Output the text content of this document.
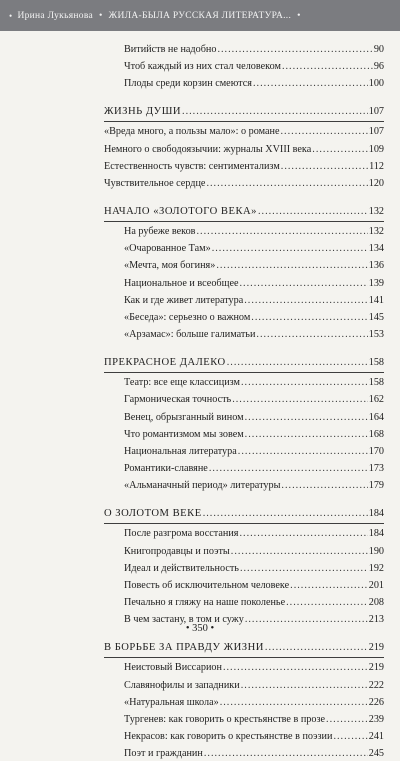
• Ирина Лукьянова • ЖИЛА-БЫЛА РУССКАЯ ЛИТЕРАТУРА... •
Витийств не надобно .....	90
Чтоб каждый из них стал человеком .....	96
Плоды среди корзин смеются .....	100
ЖИЗНЬ ДУШИ .....	107
«Вреда много, а пользы мало»: о романе .....	107
Немного о свободоязычии: журналы XVIII века .....	109
Естественность чувств: сентиментализм .....	112
Чувствительное сердце .....	120
НАЧАЛО «ЗОЛОТОГО ВЕКА» .....	132
На рубеже веков .....	132
«Очарованное Там» .....	134
«Мечта, моя богиня» .....	136
Национальное и всеобщее .....	139
Как и где живет литература .....	141
«Беседа»: серьезно о важном .....	145
«Арзамас»: больше галиматьи .....	153
ПРЕКРАСНОЕ ДАЛЕКО .....	158
Театр: все еще классицизм .....	158
Гармоническая точность .....	162
Венец, обрызганный вином .....	164
Что романтизмом мы зовем .....	168
Национальная литература .....	170
Романтики-славяне .....	173
«Альманачный период» литературы .....	179
О ЗОЛОТОМ ВЕКЕ .....	184
После разгрома восстания .....	184
Книгопродавцы и поэты .....	190
Идеал и действительность .....	192
Повесть об исключительном человеке .....	201
Печально я гляжу на наше поколенье .....	208
В чем застану, в том и сужу .....	213
В БОРЬБЕ ЗА ПРАВДУ ЖИЗНИ .....	219
Неистовый Виссарион .....	219
Славянофилы и западники .....	222
«Натуральная школа» .....	226
Тургенев: как говорить о крестьянстве в прозе .....	239
Некрасов: как говорить о крестьянстве в поэзии .....	241
Поэт и гражданин .....	245
• 350 •
